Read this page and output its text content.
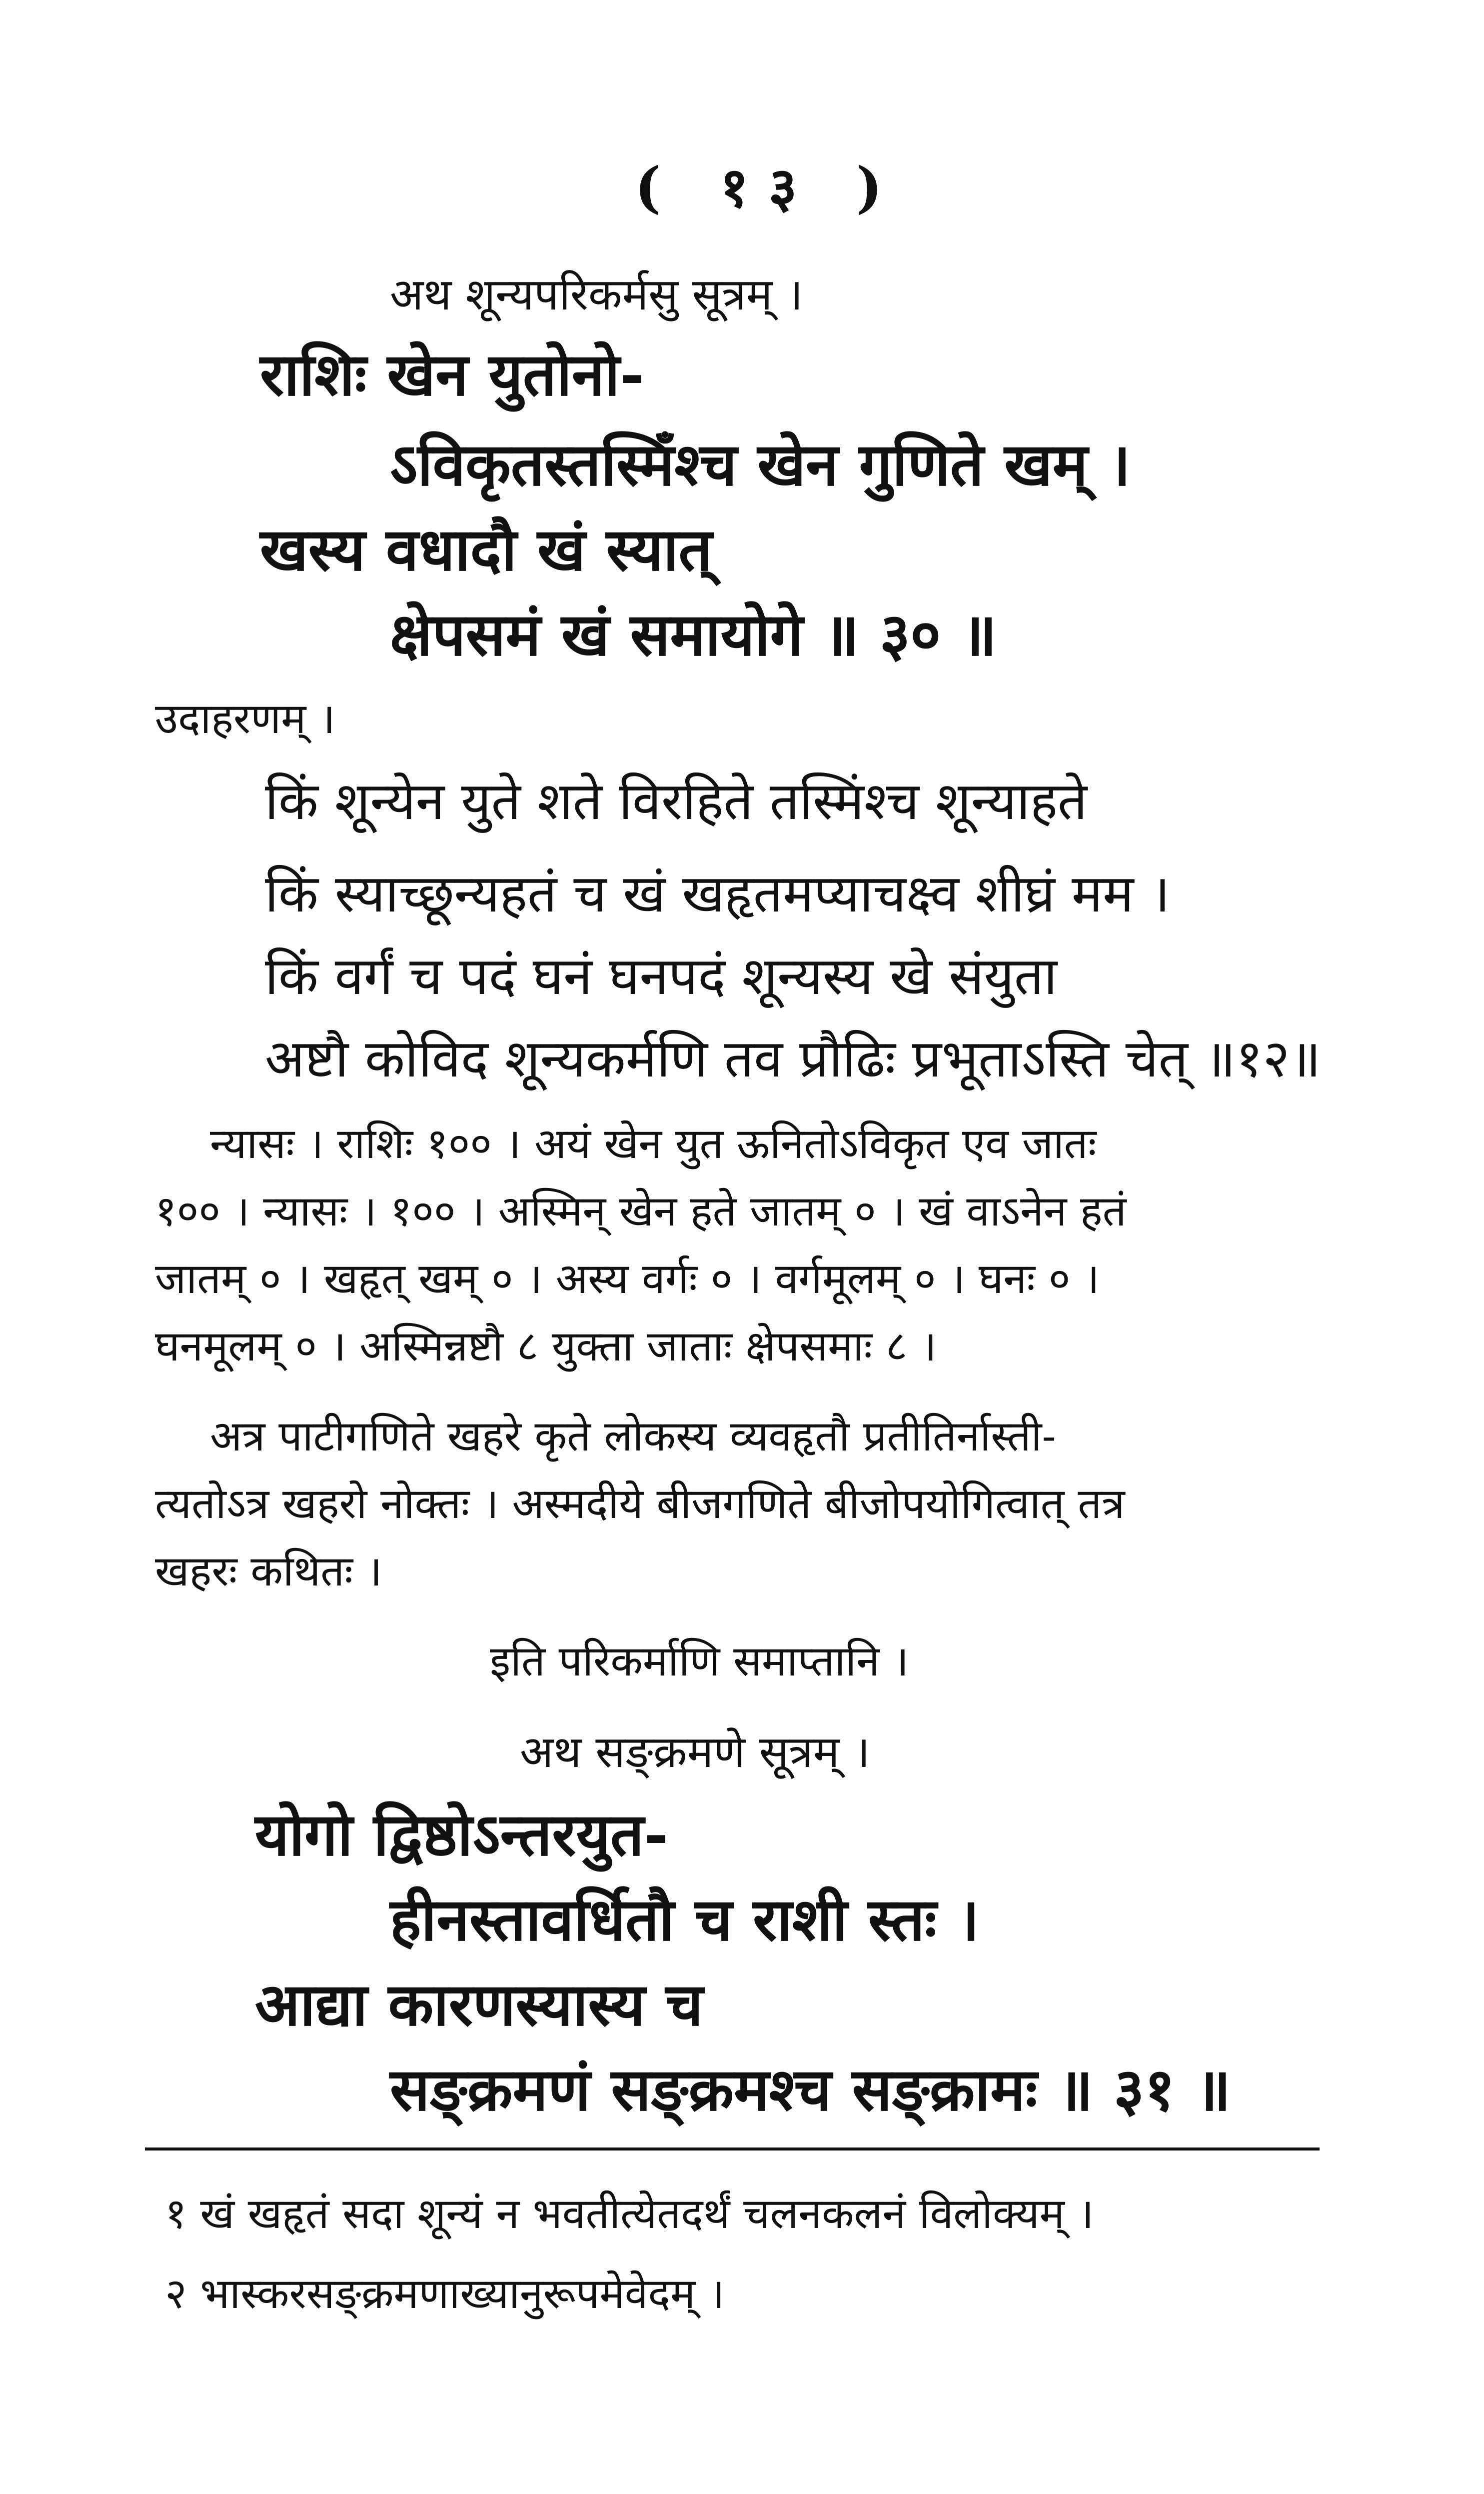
( १३ )
अथ शून्यपरिकर्मसु सूत्रम् ।
राशिः खेन युतोनो-
ऽविकृतस्तस्मिँश्च खेन गुणिते खम् ।
खस्य वधादौ खं स्यात्
क्षेपसमं खं समायोगे ॥ ३० ॥
उदाहरणम् ।
किं शून्येन युते शते विरहिते तस्मिंश्च शून्याहते
किं स्याच्छून्यहतं च खं खहृतमप्याचक्ष्व शीघ्रं मम ।
किं वर्गं च पदं घनं घनपदं शून्यस्य खे संयुता
अष्टौ कोविद शून्यकर्मणि तव प्रौढिः प्रभूताऽस्ति चेत् ॥१२॥
न्यासः । राशिः १०० । अयं खेन युत ऊनितोऽविकृत एव जातः
१०० । न्यासः । १०० । अस्मिन् खेन हते जातम् ० । खं वाऽनेन हतं
जातम् ० । खहृत् खम् ० । अस्य वर्गः ० । वर्गमूलम् ० । घनः ० ।
घनमूलम् ० । अस्मिन्नष्टौ ८ युक्ता जाताः क्षेपसमाः ८ ।
अत्र पाटीगणिते खहरे कृते लोकस्य व्यवहृतौ प्रतीतिर्नास्ती-
त्यतोऽत्र खहरो नोक्तः । अस्मदीये बीजगणिते बीजोपयोगित्वात् तत्र
खहरः कथितः ।
इति परिकर्माणि समाप्तानि ।
अथ सङ्क्रमणे सूत्रम् ।
योगो द्विष्ठोऽन्तरयुत-
हीनस्तावर्धितौ च राशी स्तः ।
आद्या कारणस्यास्य च
सङ्क्रमणं सङ्क्रमश्च सङ्क्रामः ॥ ३१ ॥
१ खं खहृतं सदा शून्यं न भवतीत्येतदर्थं चलनकलनं विलोक्यम् ।
२ भास्करसङ्क्रमणाख्यानुरूपमेवेदम् ।
